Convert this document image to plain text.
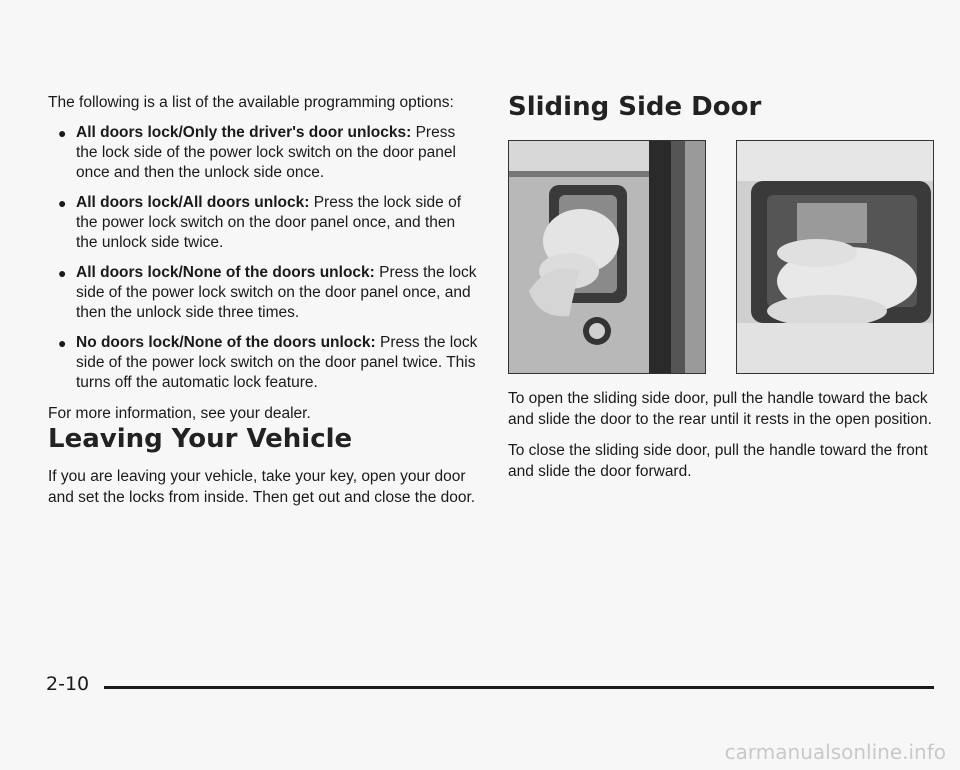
The following is a list of the available programming options:

● All doors lock/Only the driver's door unlocks: Press the lock side of the power lock switch on the door panel once and then the unlock side once.
● All doors lock/All doors unlock: Press the lock side of the power lock switch on the door panel once, and then the unlock side twice.
● All doors lock/None of the doors unlock: Press the lock side of the power lock switch on the door panel once, and then the unlock side three times.
● No doors lock/None of the doors unlock: Press the lock side of the power lock switch on the door panel twice. This turns off the automatic lock feature.

For more information, see your dealer.

Leaving Your Vehicle

If you are leaving your vehicle, take your key, open your door and set the locks from inside. Then get out and close the door.

Sliding Side Door

To open the sliding side door, pull the handle toward the back and slide the door to the rear until it rests in the open position.

To close the sliding side door, pull the handle toward the front and slide the door forward.

2-10
carmanualsonline.info
